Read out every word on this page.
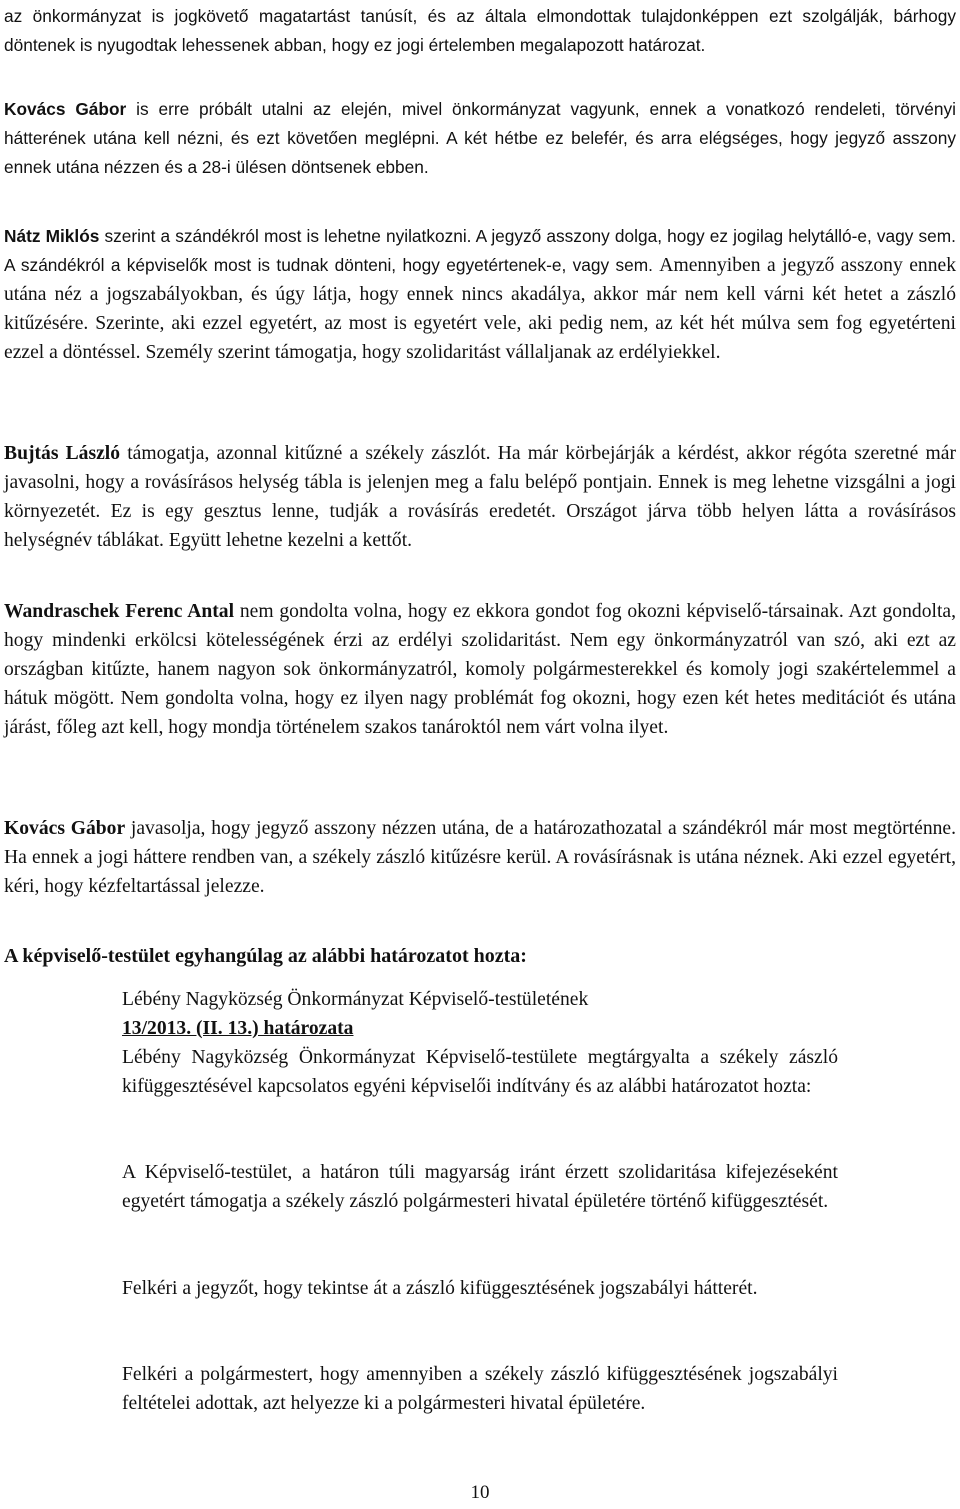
az önkormányzat is jogkövető magatartást tanúsít, és az általa elmondottak tulajdonképpen ezt szolgálják, bárhogy döntenek is nyugodtak lehessenek abban, hogy ez jogi értelemben megalapozott határozat.

Kovács Gábor is erre próbált utalni az elején, mivel önkormányzat vagyunk, ennek a vonatkozó rendeleti, törvényi hátterének utána kell nézni, és ezt követően meglépni. A két hétbe ez belefér, és arra elégséges, hogy jegyző asszony ennek utána nézzen és a 28-i ülésen döntsenek ebben.

Nátz Miklós szerint a szándékról most is lehetne nyilatkozni. A jegyző asszony dolga, hogy ez jogilag helytálló-e, vagy sem. A szándékról a képviselők most is tudnak dönteni, hogy egyetértenek-e, vagy sem. Amennyiben a jegyző asszony ennek utána néz a jogszabályokban, és úgy látja, hogy ennek nincs akadálya, akkor már nem kell várni két hetet a zászló kitűzésére. Szerinte, aki ezzel egyetért, az most is egyetért vele, aki pedig nem, az két hét múlva sem fog egyetérteni ezzel a döntéssel. Személy szerint támogatja, hogy szolidaritást vállaljanak az erdélyiekkel.

Bujtás László támogatja, azonnal kitűzné a székely zászlót. Ha már körbejárják a kérdést, akkor régóta szeretné már javasolni, hogy a rovásírásos helység tábla is jelenjen meg a falu belépő pontjain. Ennek is meg lehetne vizsgálni a jogi környezetét. Ez is egy gesztus lenne, tudják a rovásírás eredetét. Országot járva több helyen látta a rovásírásos helységnév táblákat. Együtt lehetne kezelni a kettőt.

Wandraschek Ferenc Antal nem gondolta volna, hogy ez ekkora gondot fog okozni képviselő-társainak. Azt gondolta, hogy mindenki erkölcsi kötelességének érzi az erdélyi szolidaritást. Nem egy önkormányzatról van szó, aki ezt az országban kitűzte, hanem nagyon sok önkormányzatról, komoly polgármesterekkel és komoly jogi szakértelemmel a hátuk mögött. Nem gondolta volna, hogy ez ilyen nagy problémát fog okozni, hogy ezen két hetes meditációt és utána járást, főleg azt kell, hogy mondja történelem szakos tanároktól nem várt volna ilyet.

Kovács Gábor javasolja, hogy jegyző asszony nézzen utána, de a határozathozatal a szándékról már most megtörténne. Ha ennek a jogi háttere rendben van, a székely zászló kitűzésre kerül. A rovásírásnak is utána néznek. Aki ezzel egyetért, kéri, hogy kézfeltartással jelezze.

A képviselő-testület egyhangúlag az alábbi határozatot hozta:

Lébény Nagyközség Önkormányzat Képviselő-testületének

13/2013. (II. 13.) határozata

Lébény Nagyközség Önkormányzat Képviselő-testülete megtárgyalta a székely zászló kifüggesztésével kapcsolatos egyéni képviselői indítvány és az alábbi határozatot hozta:

A Képviselő-testület, a határon túli magyarság iránt érzett szolidaritása kifejezéseként egyetért támogatja a székely zászló polgármesteri hivatal épületére történő kifüggesztését.

Felkéri a jegyzőt, hogy tekintse át a zászló kifüggesztésének jogszabályi hátterét.

Felkéri a polgármestert, hogy amennyiben a székely zászló kifüggesztésének jogszabályi feltételei adottak, azt helyezze ki a polgármesteri hivatal épületére.

10
